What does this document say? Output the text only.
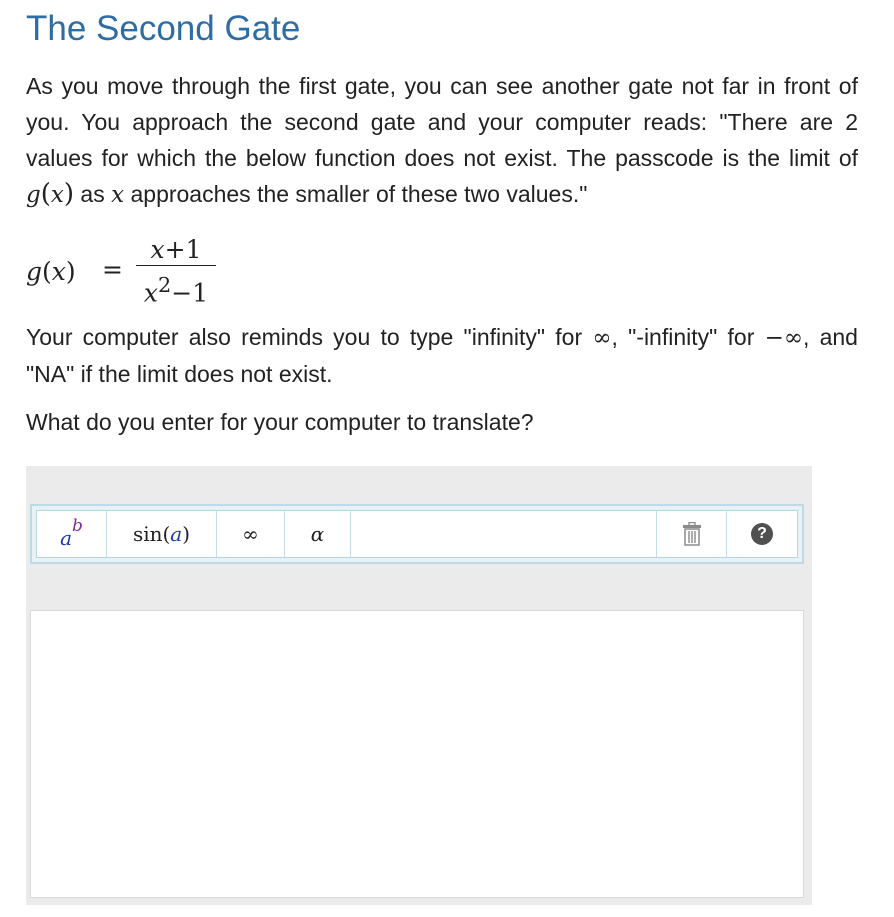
The Second Gate

As you move through the first gate, you can see another gate not far in front of you. You approach the second gate and your computer reads: "There are 2 values for which the below function does not exist. The passcode is the limit of g(x) as x approaches the smaller of these two values."

$g(x) = \frac{x+1}{x^2-1}$

Your computer also reminds you to type "infinity" for ∞, "-infinity" for −∞, and "NA" if the limit does not exist.

What do you enter for your computer to translate?

a b	sin ( a )	∞	α	?
